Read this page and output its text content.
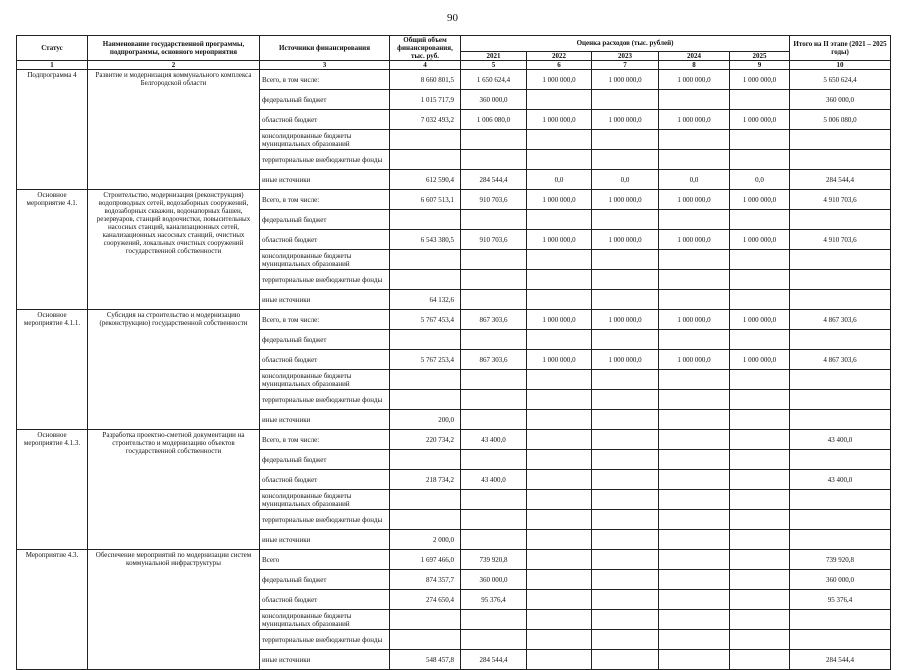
90
Статус	Наименование государственной программы, подпрограммы, основного мероприятия	Источники финансирования	Общий объем финансирования, тыс. руб.	Оценка расходов (тыс. рублей)					Итого на II этапе (2021 – 2025 годы)
				2021	2022	2023	2024	2025	
1	2	3	4	5	6	7	8	9	10
Подпрограмма 4	Развитие и модернизация коммунального комплекса Белгородской области	Всего, в том числе:	8 660 801,5	1 650 624,4	1 000 000,0	1 000 000,0	1 000 000,0	1 000 000,0	5 650 624,4
		федеральный бюджет	1 015 717,9	360 000,0					360 000,0
		областной бюджет	7 032 493,2	1 006 080,0	1 000 000,0	1 000 000,0	1 000 000,0	1 000 000,0	5 006 080,0
		консолидированные бюджеты муниципальных образований							
		территориальные внебюджетные фонды							
		иные источники	612 590,4	284 544,4	0,0	0,0	0,0	0,0	284 544,4
Основное мероприятие 4.1.	Строительство, модернизация (реконструкция) водопроводных сетей, водозаборных сооружений, водозаборных скважин, водонапорных башен, резервуаров, станций водоочистки, повысительных насосных станций, канализационных сетей, канализационных насосных станций, очистных сооружений, локальных очистных сооружений государственной собственности	Всего, в том числе:	6 607 513,1	910 703,6	1 000 000,0	1 000 000,0	1 000 000,0	1 000 000,0	4 910 703,6
		федеральный бюджет							
		областной бюджет	6 543 380,5	910 703,6	1 000 000,0	1 000 000,0	1 000 000,0	1 000 000,0	4 910 703,6
		консолидированные бюджеты муниципальных образований							
		территориальные внебюджетные фонды							
		иные источники	64 132,6						
Основное мероприятие 4.1.1.	Субсидия на строительство и модернизацию (реконструкцию) государственной собственности	Всего, в том числе:	5 767 453,4	867 303,6	1 000 000,0	1 000 000,0	1 000 000,0	1 000 000,0	4 867 303,6
		федеральный бюджет							
		областной бюджет	5 767 253,4	867 303,6	1 000 000,0	1 000 000,0	1 000 000,0	1 000 000,0	4 867 303,6
		консолидированные бюджеты муниципальных образований							
		территориальные внебюджетные фонды							
		иные источники	200,0						
Основное мероприятие 4.1.3.	Разработка проектно-сметной документации на строительство и модернизацию объектов государственной собственности	Всего, в том числе:	220 734,2	43 400,0					43 400,0
		федеральный бюджет							
		областной бюджет	218 734,2	43 400,0					43 400,0
		консолидированные бюджеты муниципальных образований							
		территориальные внебюджетные фонды							
		иные источники	2 000,0						
Мероприятие 4.3.	Обеспечение мероприятий по модернизации систем коммунальной инфраструктуры	Всего	1 697 466,0	739 920,8					739 920,8
		федеральный бюджет	874 357,7	360 000,0					360 000,0
		областной бюджет	274 650,4	95 376,4					95 376,4
		консолидированные бюджеты муниципальных образований							
		территориальные внебюджетные фонды							
		иные источники	548 457,8	284 544,4					284 544,4
